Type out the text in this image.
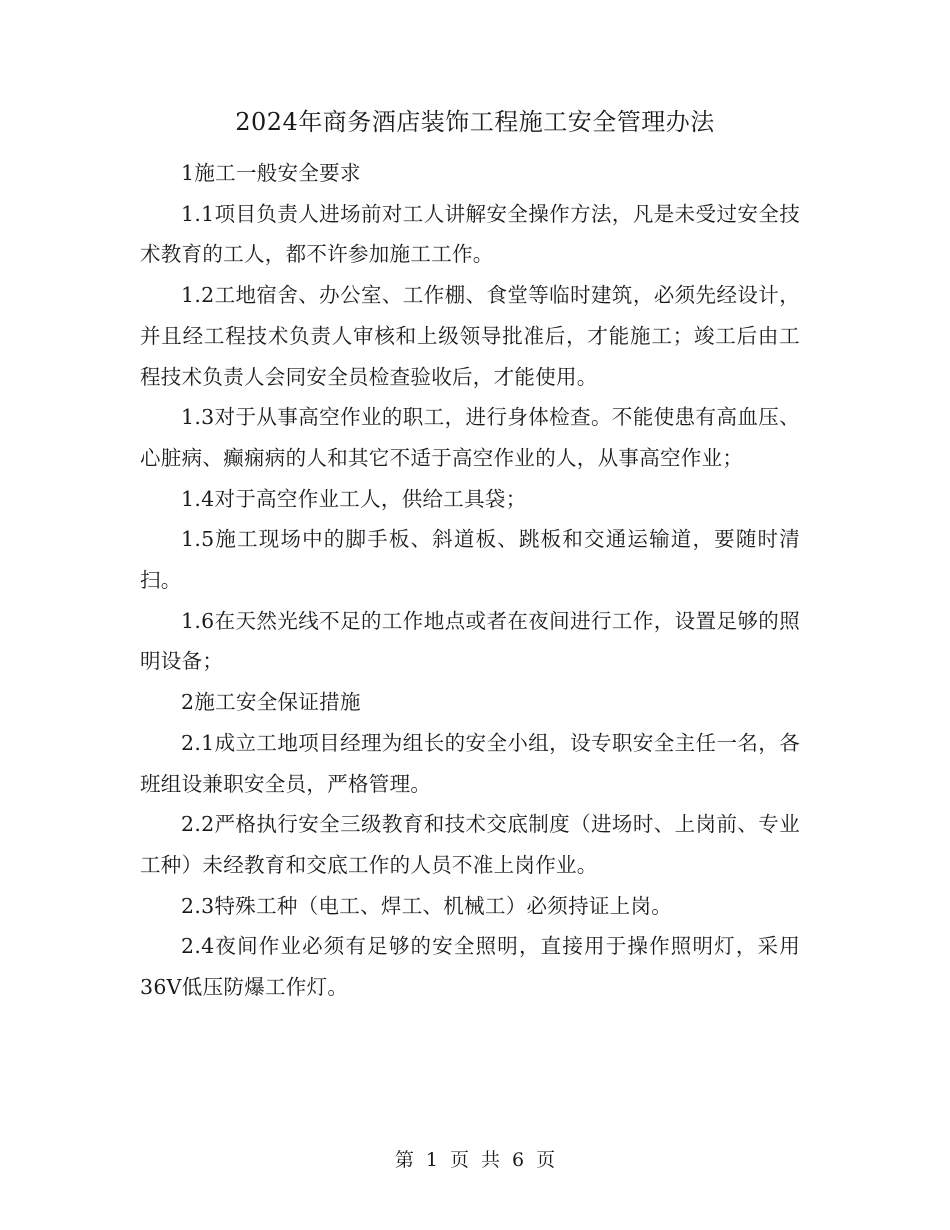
2024年商务酒店装饰工程施工安全管理办法

1施工一般安全要求

1.1项目负责人进场前对工人讲解安全操作方法，凡是未受过安全技术教育的工人，都不许参加施工工作。

1.2工地宿舍、办公室、工作棚、食堂等临时建筑，必须先经设计，并且经工程技术负责人审核和上级领导批准后，才能施工；竣工后由工程技术负责人会同安全员检查验收后，才能使用。

1.3对于从事高空作业的职工，进行身体检查。不能使患有高血压、心脏病、癫痫病的人和其它不适于高空作业的人，从事高空作业；

1.4对于高空作业工人，供给工具袋；

1.5施工现场中的脚手板、斜道板、跳板和交通运输道，要随时清扫。

1.6在天然光线不足的工作地点或者在夜间进行工作，设置足够的照明设备；

2施工安全保证措施

2.1成立工地项目经理为组长的安全小组，设专职安全主任一名，各班组设兼职安全员，严格管理。

2.2严格执行安全三级教育和技术交底制度（进场时、上岗前、专业工种）未经教育和交底工作的人员不准上岗作业。

2.3特殊工种（电工、焊工、机械工）必须持证上岗。

2.4夜间作业必须有足够的安全照明，直接用于操作照明灯，采用36V低压防爆工作灯。

第 1 页 共 6 页
